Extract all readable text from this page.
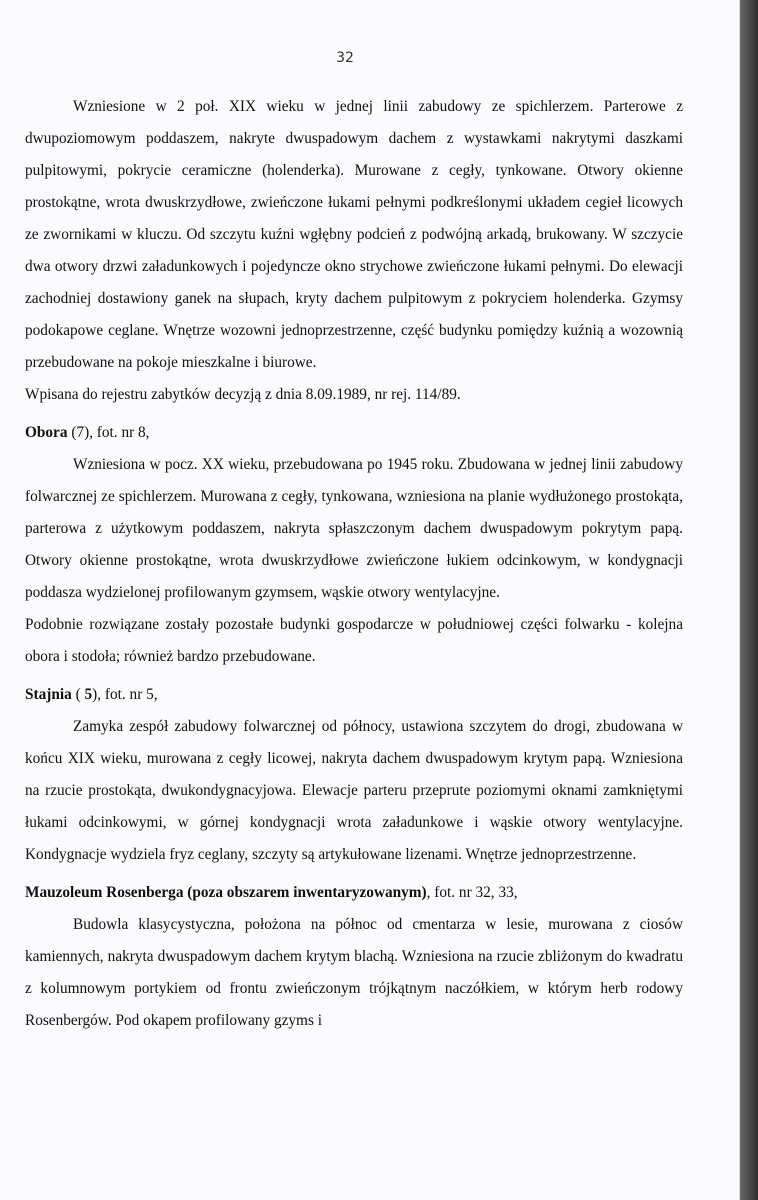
32

Wzniesione w 2 poł. XIX wieku w jednej linii zabudowy ze spichlerzem. Parterowe z dwupoziomowym poddaszem, nakryte dwuspadowym dachem z wystawkami nakrytymi daszkami pulpitowymi, pokrycie ceramiczne (holenderka). Murowane z cegły, tynkowane. Otwory okienne prostokątne, wrota dwuskrzydłowe, zwieńczone łukami pełnymi podkreślonymi układem cegieł licowych ze zwornikami w kluczu. Od szczytu kuźni wgłębny podcień z podwójną arkadą, brukowany. W szczycie dwa otwory drzwi załadunkowych i pojedyncze okno strychowe zwieńczone łukami pełnymi. Do elewacji zachodniej dostawiony ganek na słupach, kryty dachem pulpitowym z pokryciem holenderka. Gzymsy podokapowe ceglane. Wnętrze wozowni jednoprzestrzenne, część budynku pomiędzy kuźnią a wozownią przebudowane na pokoje mieszkalne i biurowe.

Wpisana do rejestru zabytków decyzją z dnia 8.09.1989, nr rej. 114/89.

Obora (7), fot. nr 8,

Wzniesiona w pocz. XX wieku, przebudowana po 1945 roku. Zbudowana w jednej linii zabudowy folwarcznej ze spichlerzem. Murowana z cegły, tynkowana, wzniesiona na planie wydłużonego prostokąta, parterowa z użytkowym poddaszem, nakryta spłaszczonym dachem dwuspadowym pokrytym papą. Otwory okienne prostokątne, wrota dwuskrzydłowe zwieńczone łukiem odcinkowym, w kondygnacji poddasza wydzielonej profilowanym gzymsem, wąskie otwory wentylacyjne.

Podobnie rozwiązane zostały pozostałe budynki gospodarcze w południowej części folwarku - kolejna obora i stodoła; również bardzo przebudowane.

Stajnia ( 5), fot. nr 5,

Zamyka zespół zabudowy folwarcznej od północy, ustawiona szczytem do drogi, zbudowana w końcu XIX wieku, murowana z cegły licowej, nakryta dachem dwuspadowym krytym papą. Wzniesiona na rzucie prostokąta, dwukondygnacyjowa. Elewacje parteru przeprute poziomymi oknami zamkniętymi łukami odcinkowymi, w górnej kondygnacji wrota załadunkowe i wąskie otwory wentylacyjne. Kondygnacje wydziela fryz ceglany, szczyty są artykułowane lizenami. Wnętrze jednoprzestrzenne.

Mauzoleum Rosenberga (poza obszarem inwentaryzowanym), fot. nr 32, 33,

Budowla klasycystyczna, położona na północ od cmentarza w lesie, murowana z ciosów kamiennych, nakryta dwuspadowym dachem krytym blachą. Wzniesiona na rzucie zbliżonym do kwadratu z kolumnowym portykiem od frontu zwieńczonym trójkątnym naczółkiem, w którym herb rodowy Rosenbergów. Pod okapem profilowany gzyms i
